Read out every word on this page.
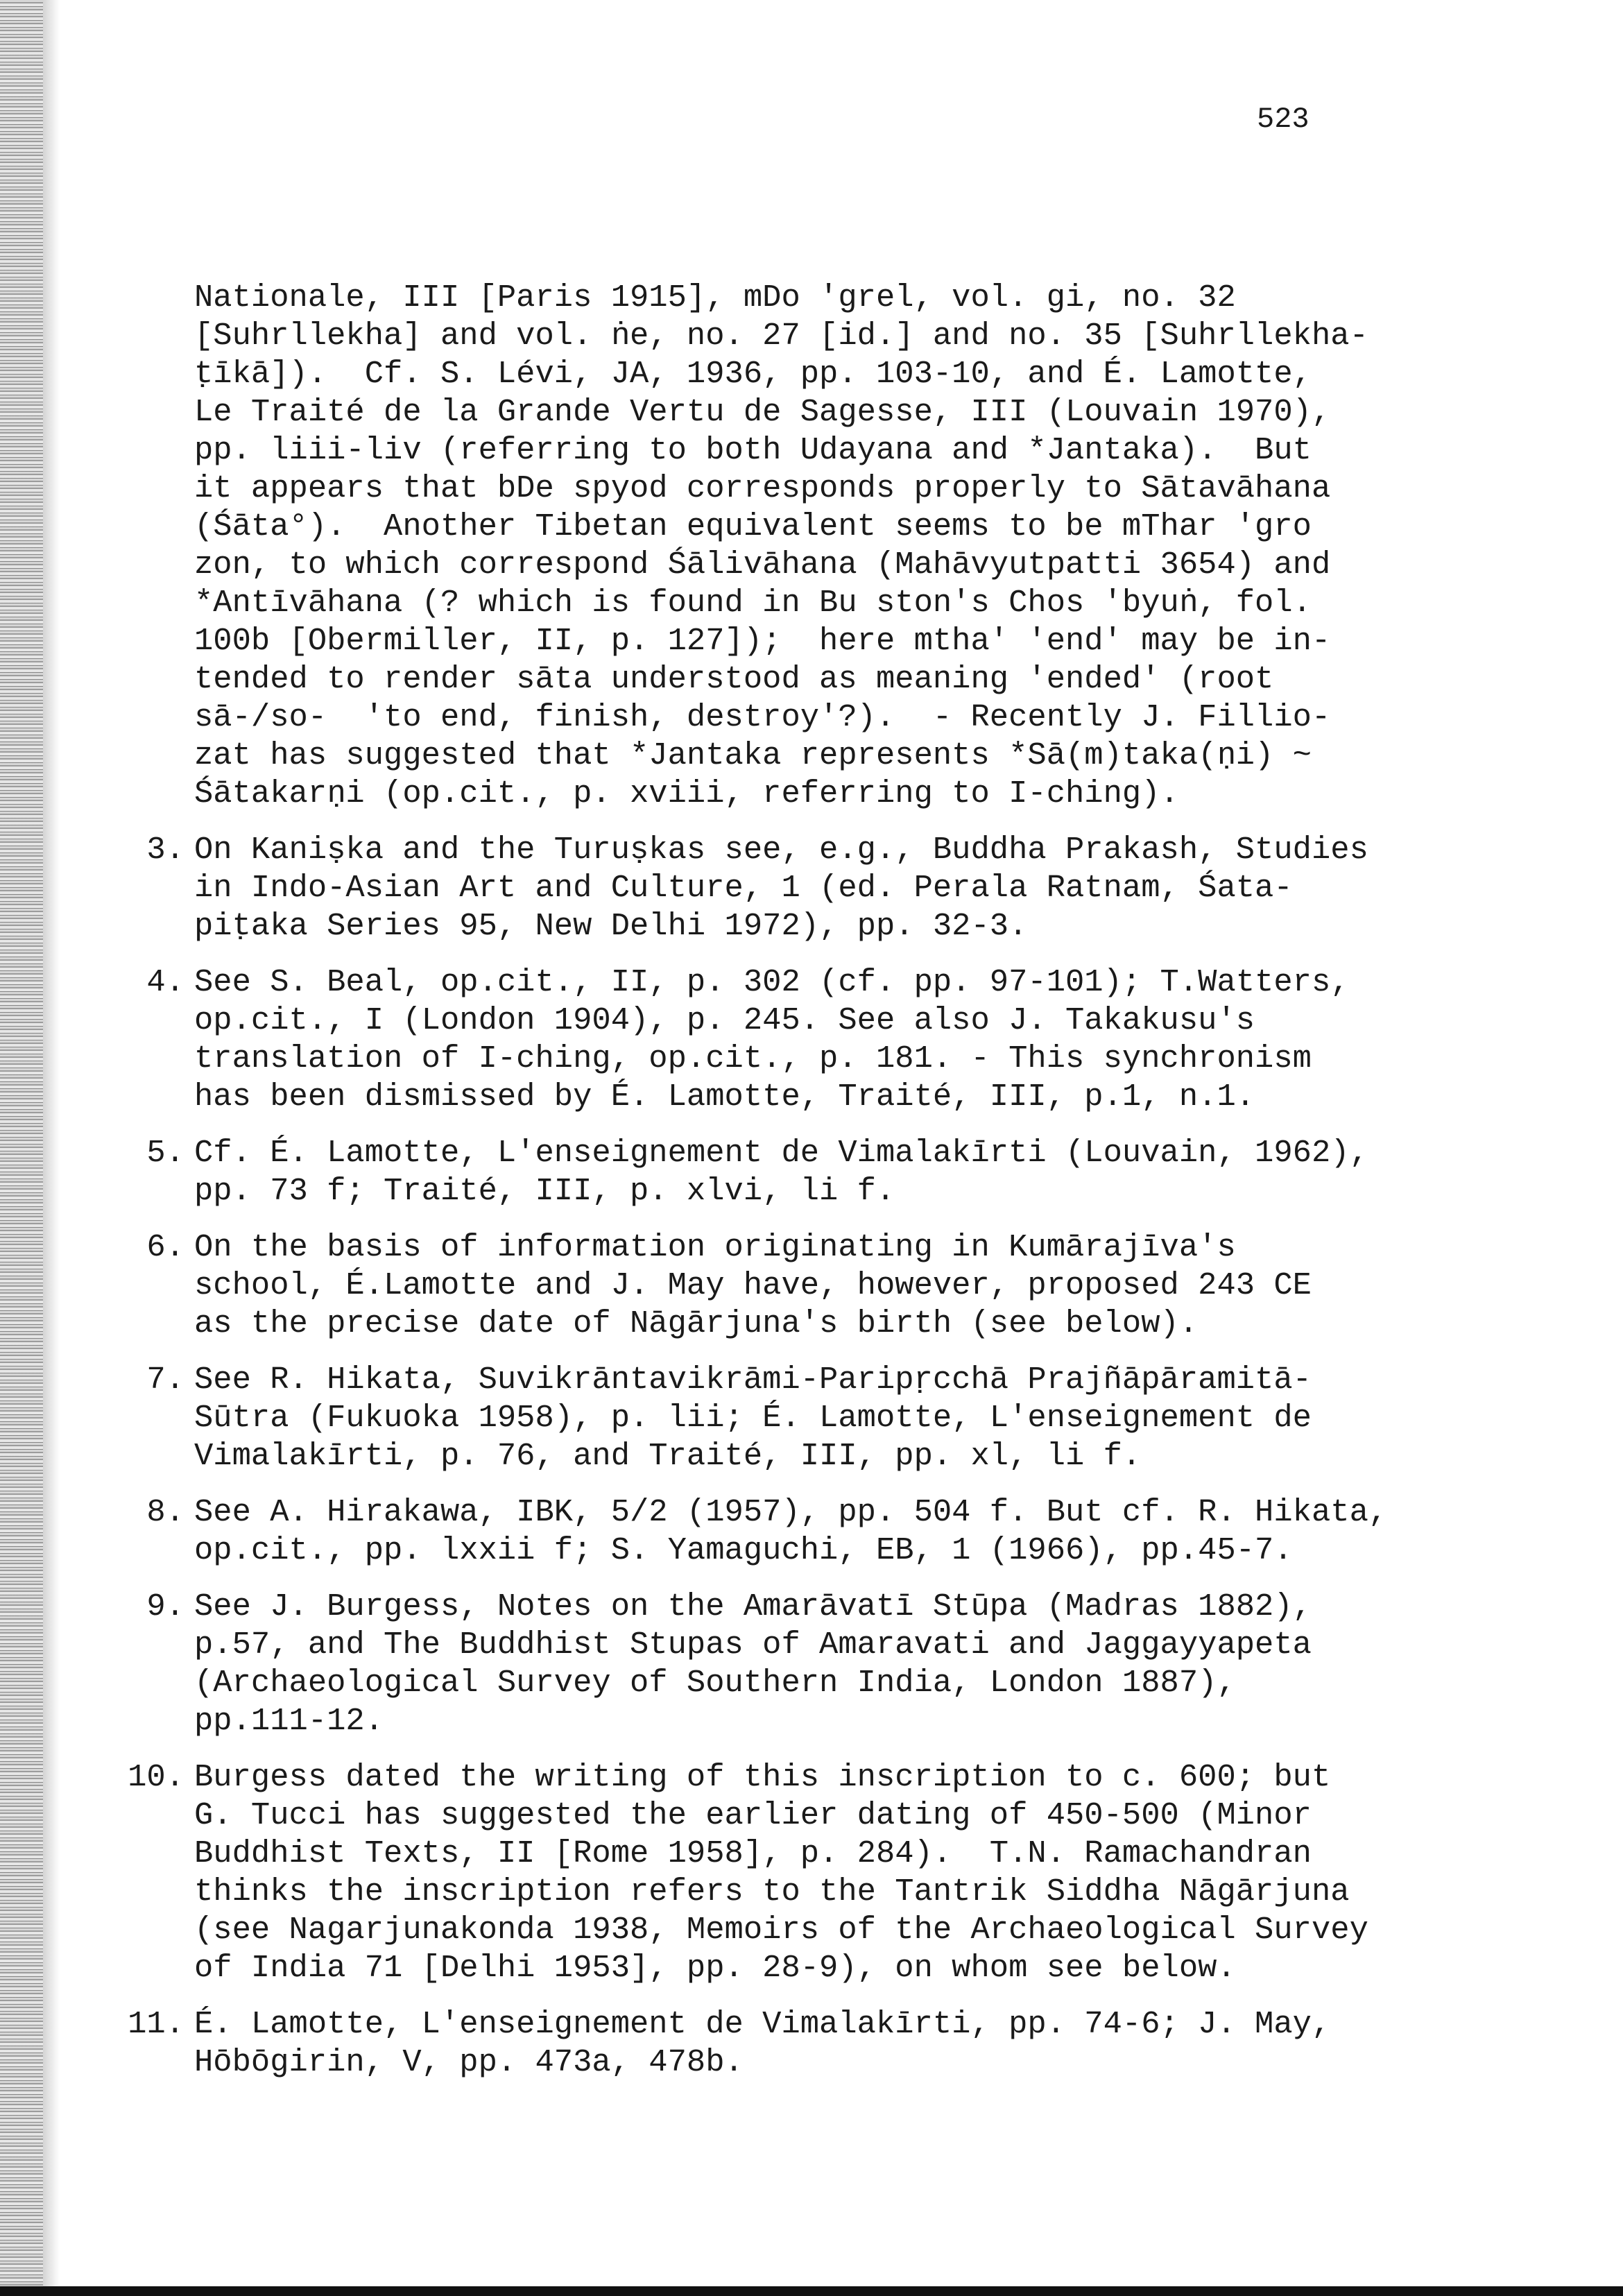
523

Nationale, III [Paris 1915], mDo 'grel, vol. gi, no. 32

[Suhrllekha] and vol. ṅe, no. 27 [id.] and no. 35 [Suhrllekha-

ṭīkā]).  Cf. S. Lévi, JA, 1936, pp. 103-10, and É. Lamotte,

Le Traité de la Grande Vertu de Sagesse, III (Louvain 1970),

pp. liii-liv (referring to both Udayana and *Jantaka).  But

it appears that bDe spyod corresponds properly to Sātavāhana

(Śāta°).  Another Tibetan equivalent seems to be mThar 'gro

zon, to which correspond Śālivāhana (Mahāvyutpatti 3654) and

*Antīvāhana (? which is found in Bu ston's Chos 'byuṅ, fol.

100b [Obermiller, II, p. 127]);  here mtha' 'end' may be in-

tended to render sāta understood as meaning 'ended' (root

sā-/so-  'to end, finish, destroy'?).  - Recently J. Fillio-

zat has suggested that *Jantaka represents *Sā(m)taka(ṇi) ~

Śātakarṇi (op.cit., p. xviii, referring to I-ching).

3. On Kaniṣka and the Turuṣkas see, e.g., Buddha Prakash, Studies

in Indo-Asian Art and Culture, 1 (ed. Perala Ratnam, Śata-

piṭaka Series 95, New Delhi 1972), pp. 32-3.

4. See S. Beal, op.cit., II, p. 302 (cf. pp. 97-101); T.Watters,

op.cit., I (London 1904), p. 245. See also J. Takakusu's

translation of I-ching, op.cit., p. 181. - This synchronism

has been dismissed by É. Lamotte, Traité, III, p.1, n.1.

5. Cf. É. Lamotte, L'enseignement de Vimalakīrti (Louvain, 1962),

pp. 73 f; Traité, III, p. xlvi, li f.

6. On the basis of information originating in Kumārajīva's

school, É.Lamotte and J. May have, however, proposed 243 CE

as the precise date of Nāgārjuna's birth (see below).

7. See R. Hikata, Suvikrāntavikrāmi-Paripṛcchā Prajñāpāramitā-

Sūtra (Fukuoka 1958), p. lii; É. Lamotte, L'enseignement de

Vimalakīrti, p. 76, and Traité, III, pp. xl, li f.

8. See A. Hirakawa, IBK, 5/2 (1957), pp. 504 f. But cf. R. Hikata,

op.cit., pp. lxxii f; S. Yamaguchi, EB, 1 (1966), pp.45-7.

9. See J. Burgess, Notes on the Amarāvatī Stūpa (Madras 1882),

p.57, and The Buddhist Stupas of Amaravati and Jaggayyapeta

(Archaeological Survey of Southern India, London 1887),

pp.111-12.

10. Burgess dated the writing of this inscription to c. 600; but

G. Tucci has suggested the earlier dating of 450-500 (Minor

Buddhist Texts, II [Rome 1958], p. 284).  T.N. Ramachandran

thinks the inscription refers to the Tantrik Siddha Nāgārjuna

(see Nagarjunakonda 1938, Memoirs of the Archaeological Survey

of India 71 [Delhi 1953], pp. 28-9), on whom see below.

11. É. Lamotte, L'enseignement de Vimalakīrti, pp. 74-6; J. May,

Hōbōgirin, V, pp. 473a, 478b.
